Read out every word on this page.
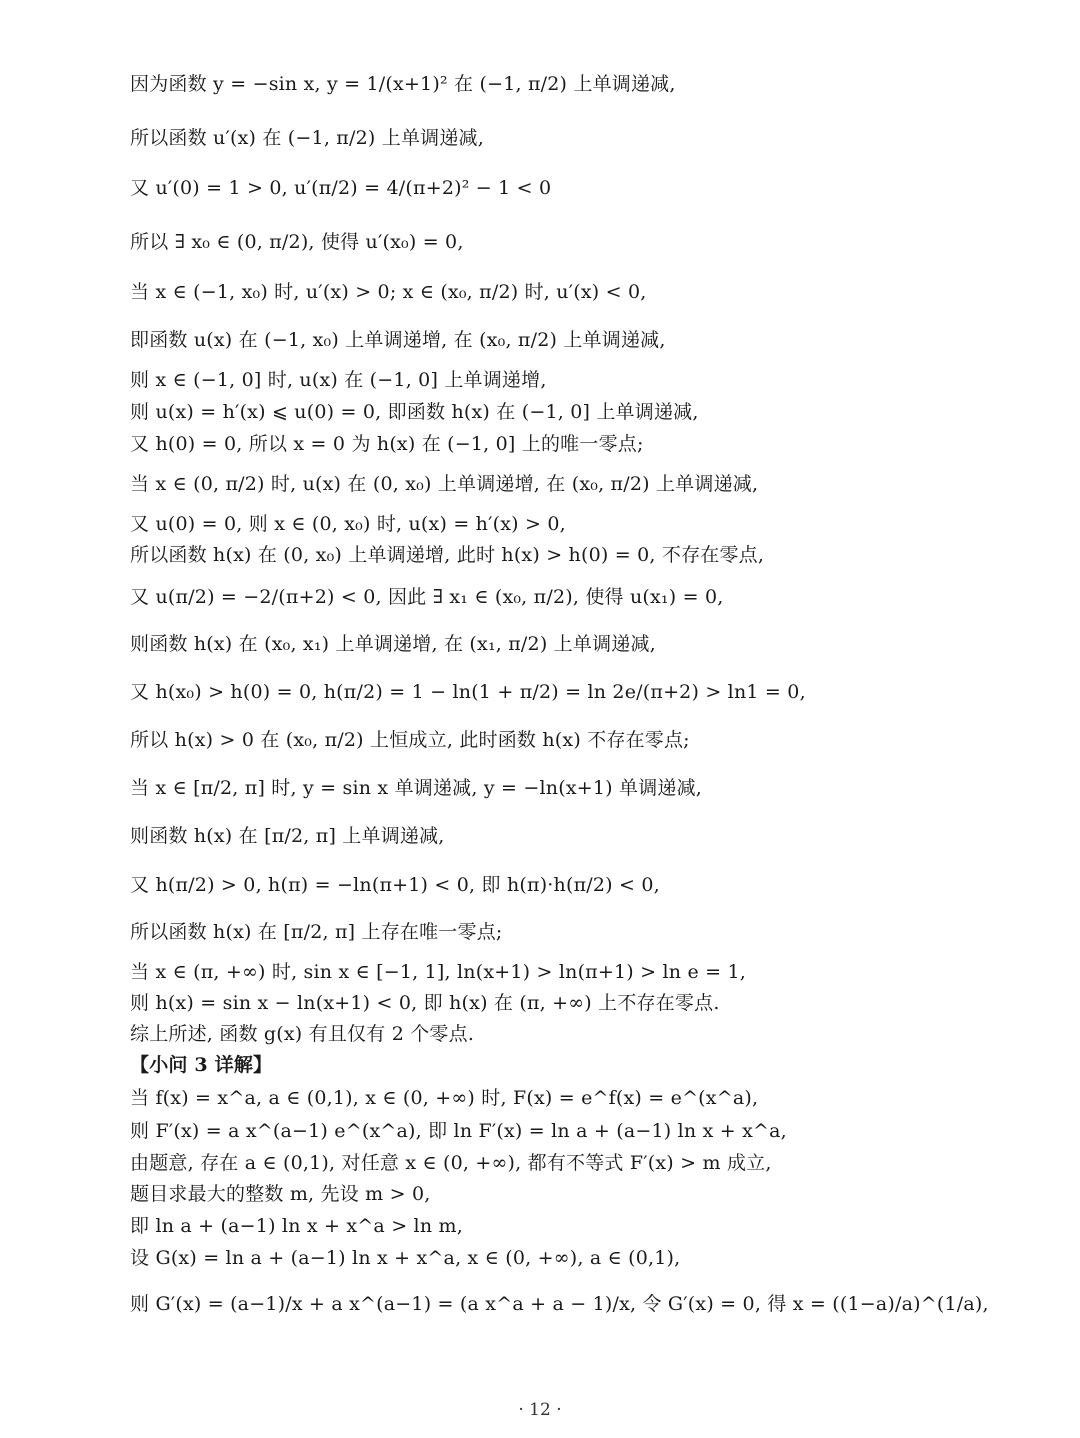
因为函数 y = −sin x, y = 1/(x+1)² 在 (−1, π/2) 上单调递减,
所以函数 u′(x) 在 (−1, π/2) 上单调递减,
又 u′(0) = 1 > 0, u′(π/2) = 4/(π+2)² − 1 < 0
所以 ∃ x₀ ∈ (0, π/2), 使得 u′(x₀) = 0,
当 x ∈ (−1, x₀) 时, u′(x) > 0; x ∈ (x₀, π/2) 时, u′(x) < 0,
即函数 u(x) 在 (−1, x₀) 上单调递增, 在 (x₀, π/2) 上单调递减,
则 x ∈ (−1, 0] 时, u(x) 在 (−1, 0] 上单调递增,
则 u(x) = h′(x) ⩽ u(0) = 0, 即函数 h(x) 在 (−1, 0] 上单调递减,
又 h(0) = 0, 所以 x = 0 为 h(x) 在 (−1, 0] 上的唯一零点;
当 x ∈ (0, π/2) 时, u(x) 在 (0, x₀) 上单调递增, 在 (x₀, π/2) 上单调递减,
又 u(0) = 0, 则 x ∈ (0, x₀) 时, u(x) = h′(x) > 0,
所以函数 h(x) 在 (0, x₀) 上单调递增, 此时 h(x) > h(0) = 0, 不存在零点,
又 u(π/2) = −2/(π+2) < 0, 因此 ∃ x₁ ∈ (x₀, π/2), 使得 u(x₁) = 0,
则函数 h(x) 在 (x₀, x₁) 上单调递增, 在 (x₁, π/2) 上单调递减,
又 h(x₀) > h(0) = 0, h(π/2) = 1 − ln(1 + π/2) = ln 2e/(π+2) > ln1 = 0,
所以 h(x) > 0 在 (x₀, π/2) 上恒成立, 此时函数 h(x) 不存在零点;
当 x ∈ [π/2, π] 时, y = sin x 单调递减, y = −ln(x+1) 单调递减,
则函数 h(x) 在 [π/2, π] 上单调递减,
又 h(π/2) > 0, h(π) = −ln(π+1) < 0, 即 h(π)·h(π/2) < 0,
所以函数 h(x) 在 [π/2, π] 上存在唯一零点;
当 x ∈ (π, +∞) 时, sin x ∈ [−1, 1], ln(x+1) > ln(π+1) > ln e = 1,
则 h(x) = sin x − ln(x+1) < 0, 即 h(x) 在 (π, +∞) 上不存在零点.
综上所述, 函数 g(x) 有且仅有 2 个零点.
【小问 3 详解】
当 f(x) = x^a, a ∈ (0,1), x ∈ (0, +∞) 时, F(x) = e^f(x) = e^(x^a),
则 F′(x) = a x^(a−1) e^(x^a), 即 ln F′(x) = ln a + (a−1) ln x + x^a,
由题意, 存在 a ∈ (0,1), 对任意 x ∈ (0, +∞), 都有不等式 F′(x) > m 成立,
题目求最大的整数 m, 先设 m > 0,
即 ln a + (a−1) ln x + x^a > ln m,
设 G(x) = ln a + (a−1) ln x + x^a, x ∈ (0, +∞), a ∈ (0,1),
则 G′(x) = (a−1)/x + a x^(a−1) = (a x^a + a − 1)/x, 令 G′(x) = 0, 得 x = ((1−a)/a)^(1/a),
· 12 ·
